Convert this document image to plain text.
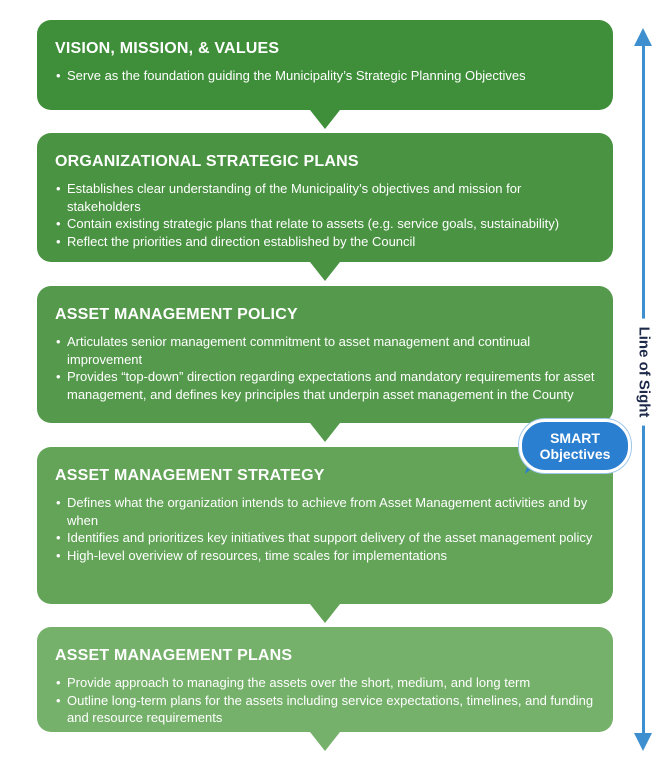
VISION, MISSION, & VALUES
• Serve as the foundation guiding the Municipality’s Strategic Planning Objectives
ORGANIZATIONAL STRATEGIC PLANS
• Establishes clear understanding of the Municipality’s objectives and mission for stakeholders
• Contain existing strategic plans that relate to assets (e.g. service goals, sustainability)
• Reflect the priorities and direction established by the Council
ASSET MANAGEMENT POLICY
• Articulates senior management commitment to asset management and continual improvement
• Provides “top-down” direction regarding expectations and mandatory requirements for asset management, and defines key principles that underpin asset management in the County
ASSET MANAGEMENT STRATEGY
• Defines what the organization intends to achieve from Asset Management activities and by when
• Identifies and prioritizes key initiatives that support delivery of the asset management policy
• High-level overiview of resources, time scales for implementations
ASSET MANAGEMENT PLANS
• Provide approach to managing the assets over the short, medium, and long term
• Outline long-term plans for the assets including service expectations, timelines, and funding and resource requirements
Line of Sight
SMART
Objectives
